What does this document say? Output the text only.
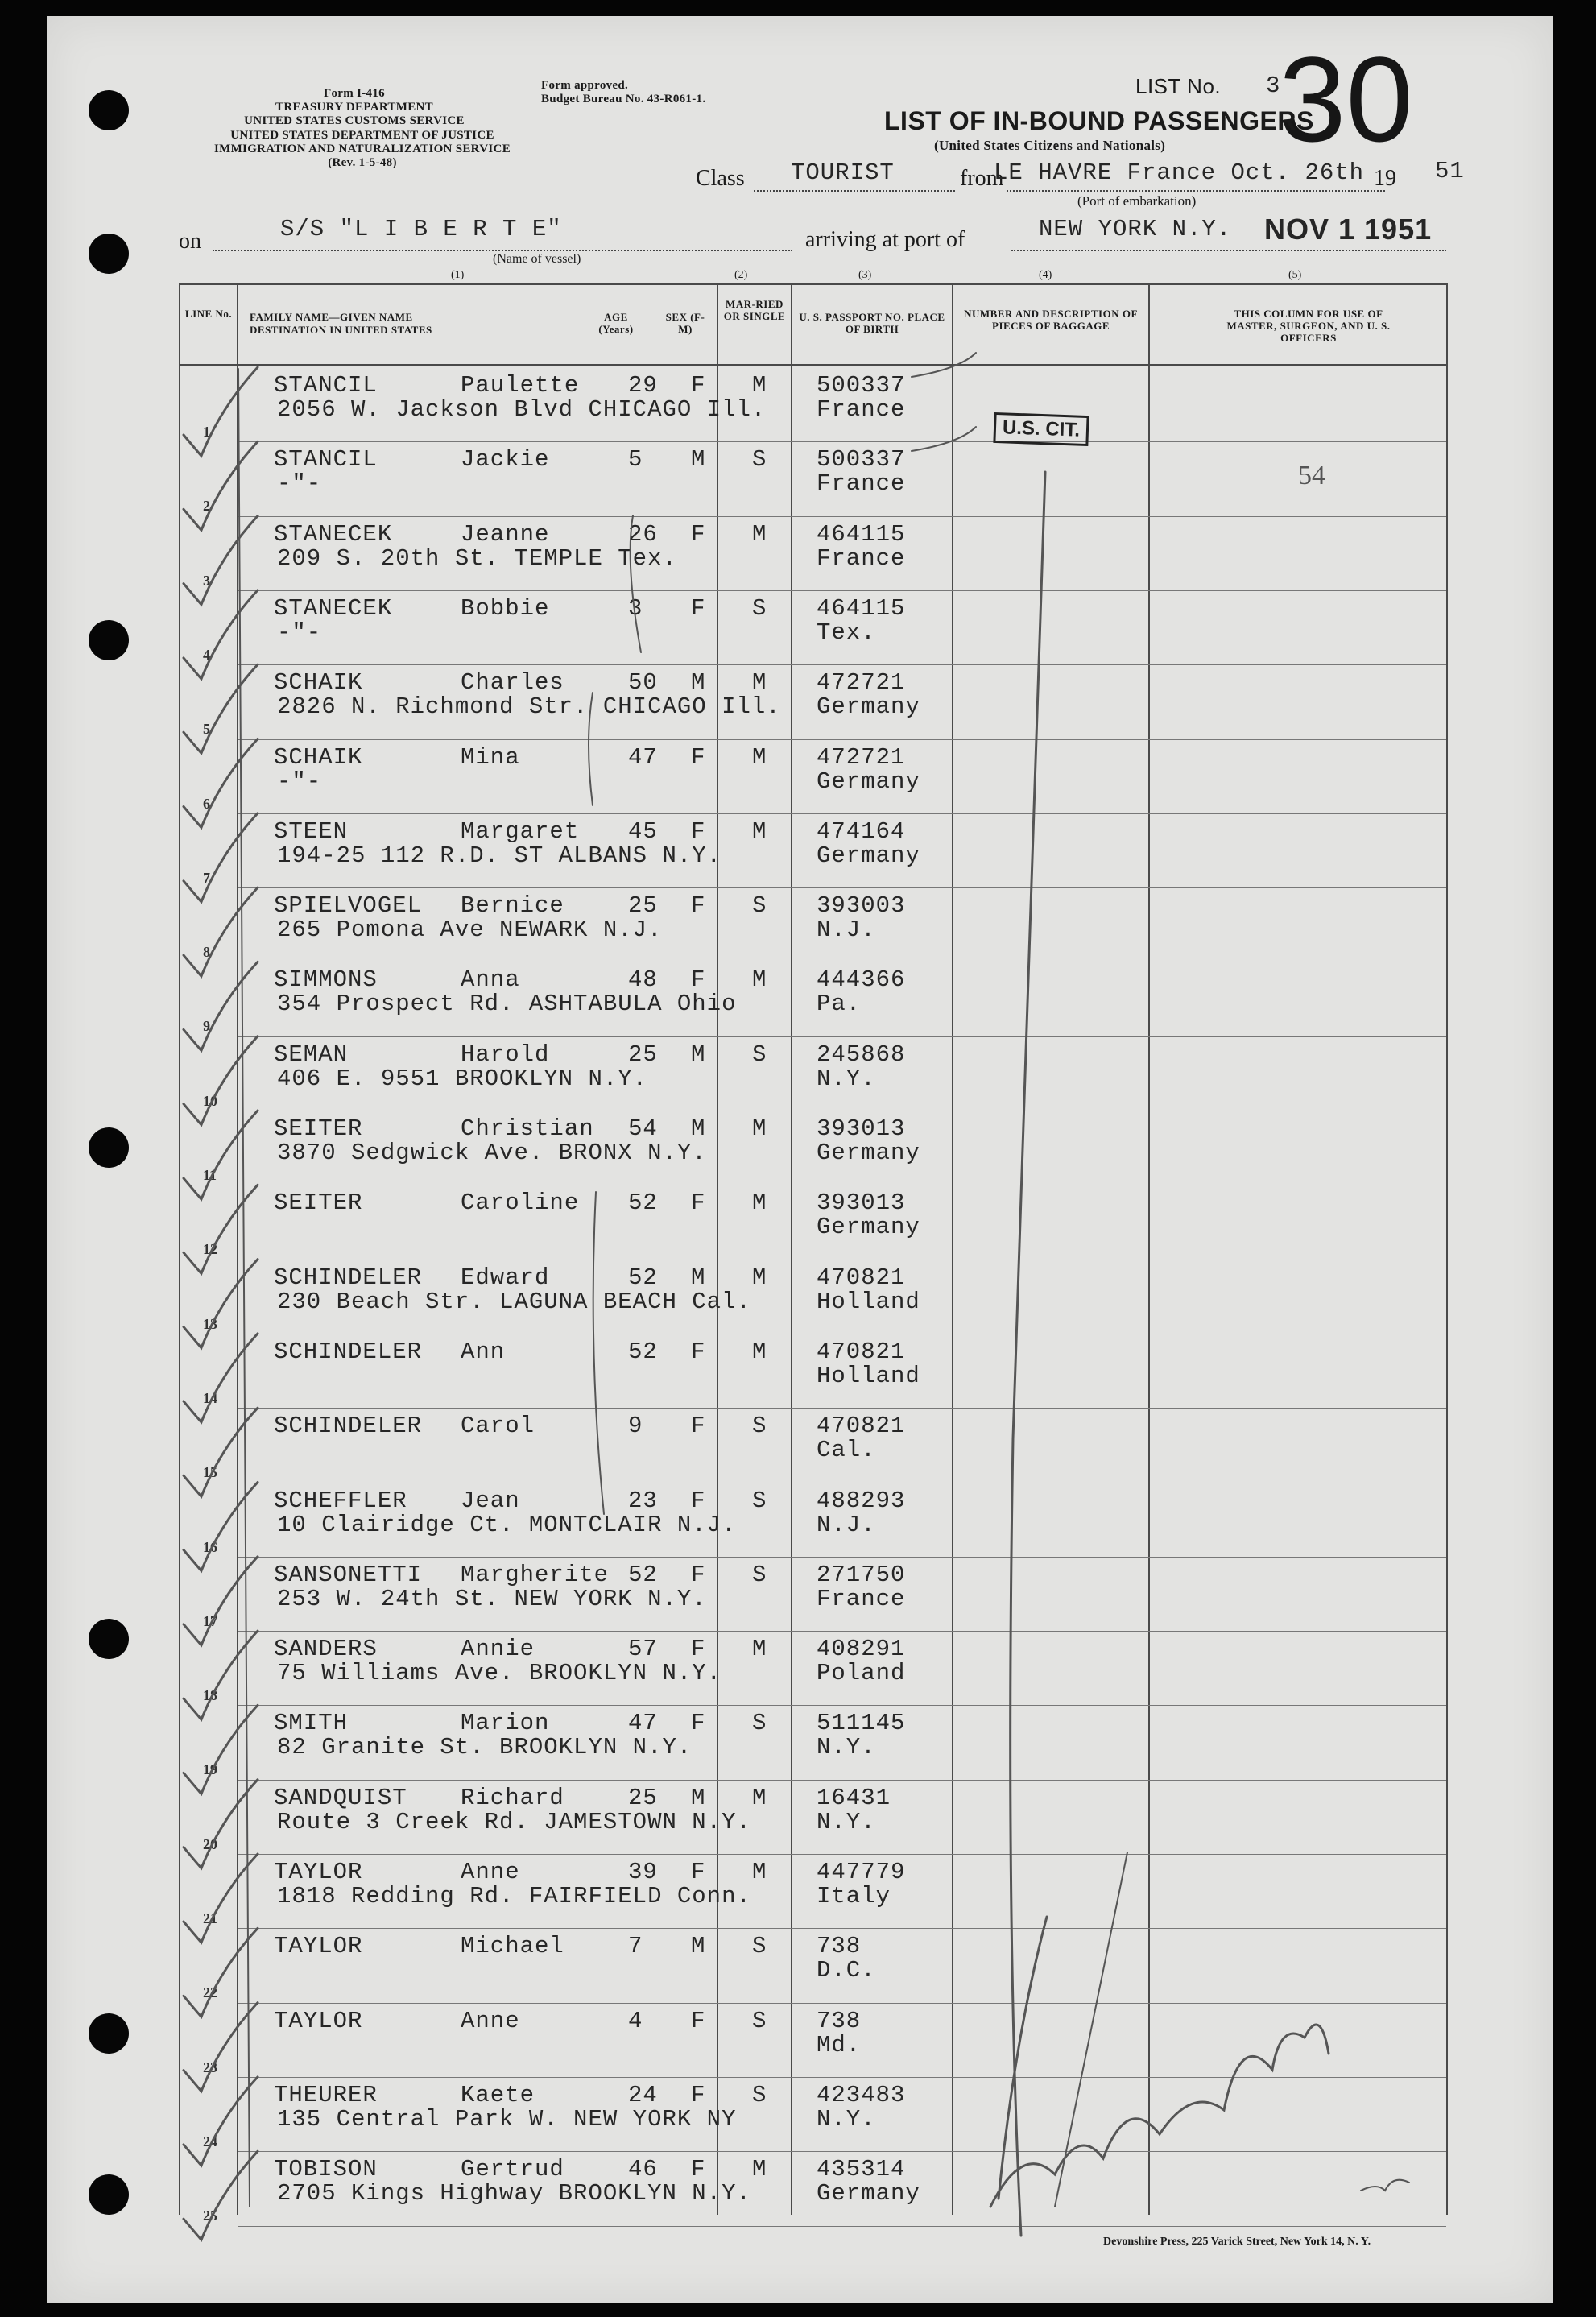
Form I-416
TREASURY DEPARTMENT
UNITED STATES CUSTOMS SERVICE
UNITED STATES DEPARTMENT OF JUSTICE
IMMIGRATION AND NATURALIZATION SERVICE
(Rev. 1-5-48)
Form approved.
Budget Bureau No. 43-R061-1.
LIST No. 3
30
LIST OF IN-BOUND PASSENGERS
(United States Citizens and Nationals)
Class TOURIST	from
LE HAVRE France Oct. 26th 19 51
(Port of embarkation)
on	S/S "L I B E R T E"
(Name of vessel)
arriving at port of	NEW YORK N.Y. NOV 1 1951
(1)	(2)	(3)	(4)	(5)
LINE No. FAMILY NAME—GIVEN NAME
DESTINATION IN UNITED STATES
AGE (Years)
SEX (F-M)
MAR-RIED OR SINGLE U. S. PASSPORT NO. PLACE OF BIRTH
NUMBER AND DESCRIPTION OF PIECES OF BAGGAGE
THIS COLUMN FOR USE OF MASTER, SURGEON, AND U. S. OFFICERS
STANCIL	Paulette 29 F M 500337
2056 W. Jackson Blvd CHICAGO Ill. France
1
STANCIL	Jackie	5 M S 500337
-"-	France
2
STANECEK	Jeanne	26 F M 464115
209 S. 20th St. TEMPLE Tex.	France
3
STANECEK	Bobbie	3 F S 464115
-"-	Tex.
4
SCHAIK	Charles	50 M M 472721
2826 N. Richmond Str. CHICAGO Ill. Germany
5
SCHAIK	Mina	47 F M 472721
-"-	Germany
6
STEEN	Margaret 45 F M 474164
194-25 112 R.D. ST ALBANS N.Y.	Germany
7
SPIELVOGEL Bernice	25 F S 393003
265 Pomona Ave NEWARK N.J.	N.J.
8
SIMMONS	Anna	48 F M 444366
354 Prospect Rd. ASHTABULA Ohio	Pa.
9
SEMAN	Harold	25 M S 245868
406 E. 9551 BROOKLYN N.Y.	N.Y.
10
SEITER	Christian 54 M M 393013
3870 Sedgwick Ave. BRONX N.Y.	Germany
11
SEITER	Caroline 52 F M 393013
Germany
12
SCHINDELER Edward	52 M M 470821
230 Beach Str. LAGUNA BEACH Cal.	Holland
13
SCHINDELER Ann	52 F M 470821
Holland
14
SCHINDELER Carol	9 F S 470821
Cal.
15
SCHEFFLER Jean	23 F S 488293
10 Clairidge Ct. MONTCLAIR N.J.	N.J.
16
SANSONETTI Margherite 52 F S 271750
253 W. 24th St. NEW YORK N.Y.	France
17
SANDERS	Annie	57 F M 408291
75 Williams Ave. BROOKLYN N.Y.	Poland
18
SMITH	Marion	47 F S 511145
82 Granite St. BROOKLYN N.Y.	N.Y.
19
SANDQUIST Richard	25 M M 16431
Route 3 Creek Rd. JAMESTOWN N.Y.	N.Y.
20
TAYLOR	Anne	39 F M 447779
1818 Redding Rd. FAIRFIELD Conn.	Italy
21
TAYLOR	Michael	7 M S 738
D.C.
22
TAYLOR	Anne	4 F S 738
Md.
23
THEURER	Kaete	24 F S 423483
135 Central Park W. NEW YORK NY	N.Y.
24
TOBISON	Gertrud	46 F M 435314
2705 Kings Highway BROOKLYN N.Y.	Germany
25
U.S. CIT.
54
Devonshire Press, 225 Varick Street, New York 14, N. Y.
